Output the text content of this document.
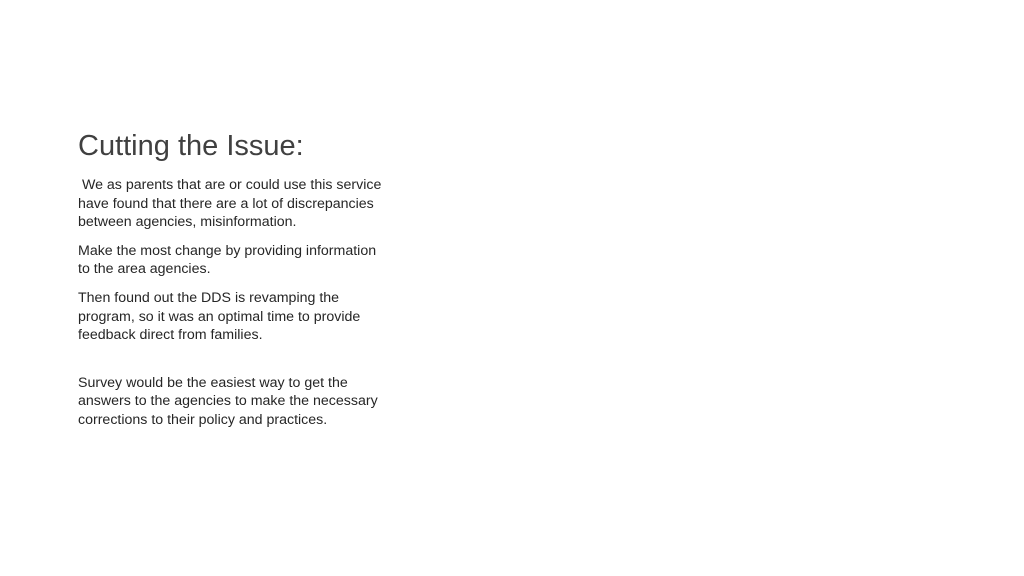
Cutting the Issue:

We as parents that are or could use this service have found that there are a lot of discrepancies between agencies, misinformation.

Make the most change by providing information to the area agencies.

Then found out the DDS is revamping the program, so it was an optimal time to provide feedback direct from families.

Survey would be the easiest way to get the answers to the agencies to make the necessary corrections to their policy and practices.
